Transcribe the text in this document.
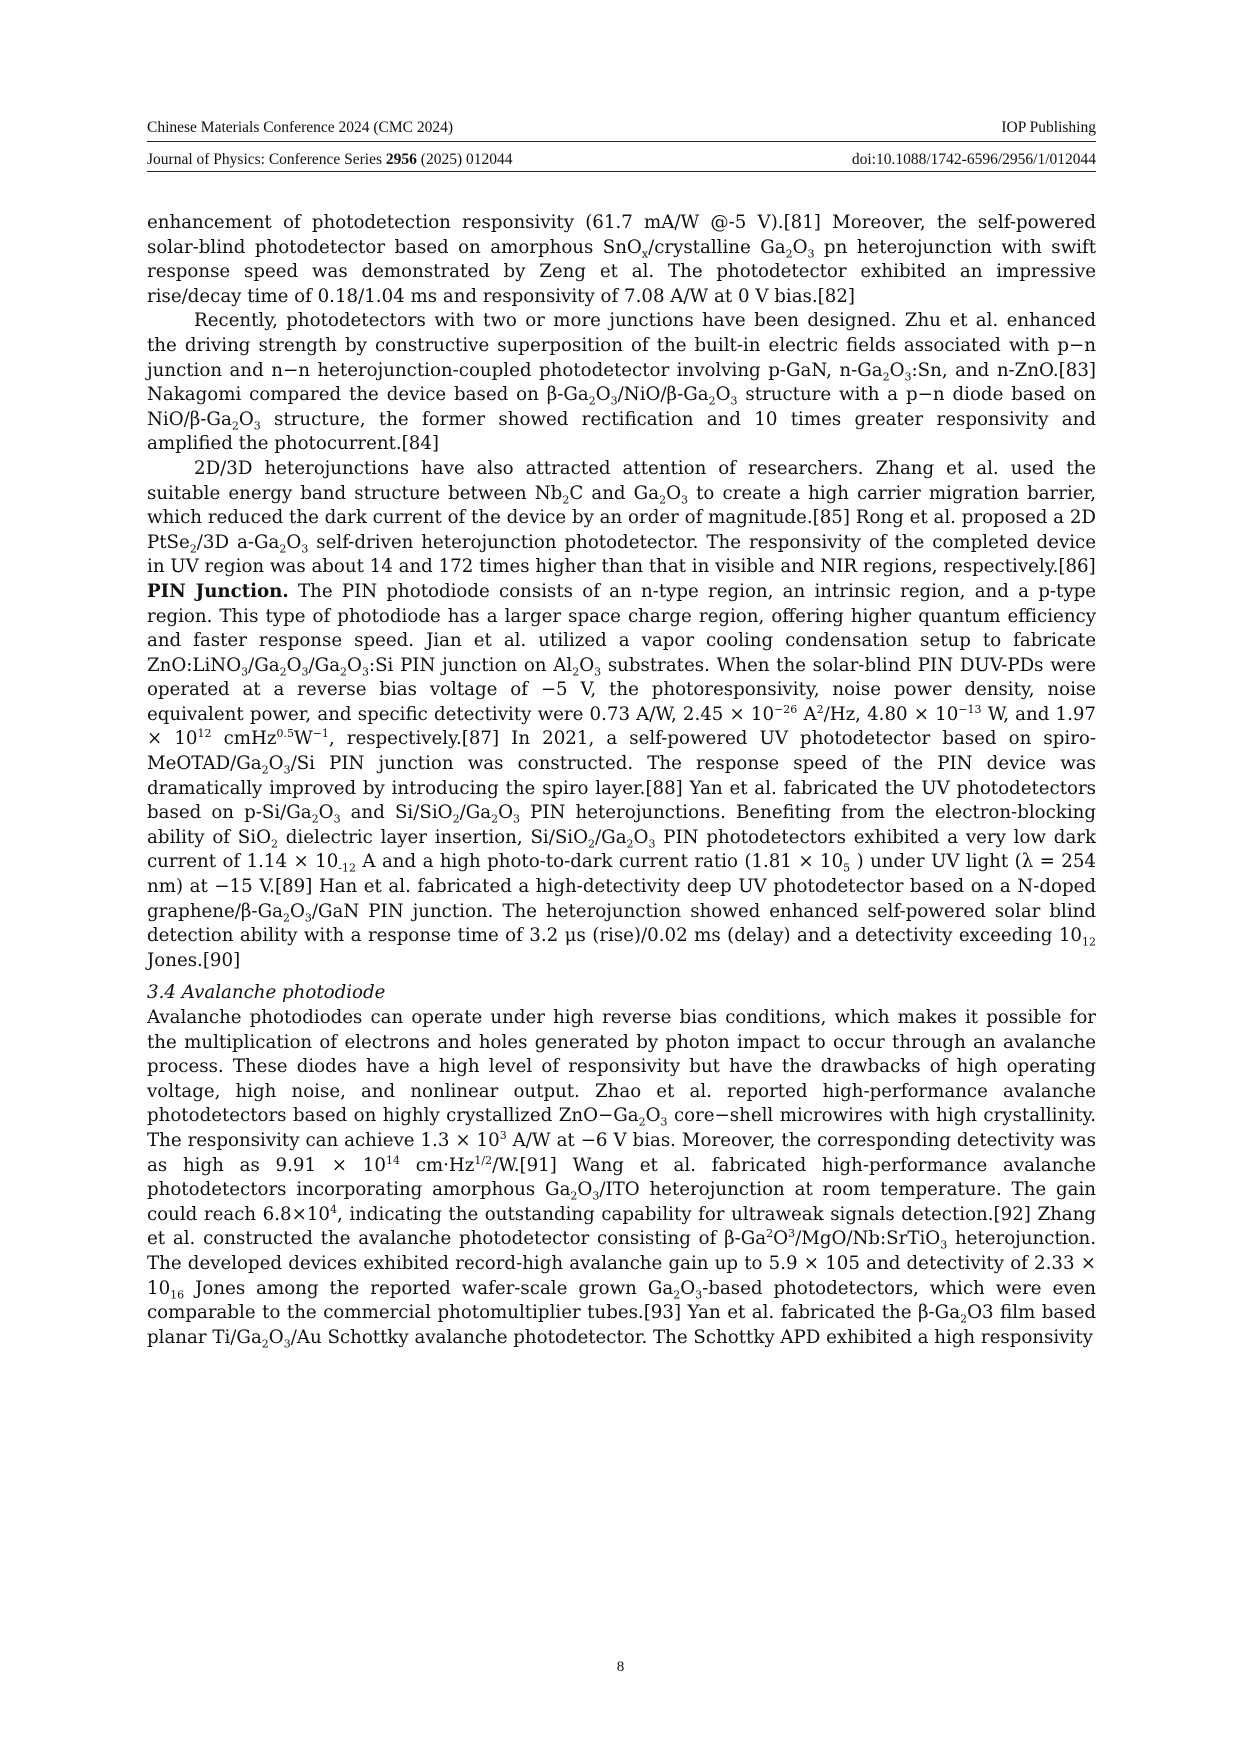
Chinese Materials Conference 2024 (CMC 2024)	IOP Publishing
Journal of Physics: Conference Series 2956 (2025) 012044	doi:10.1088/1742-6596/2956/1/012044

enhancement of photodetection responsivity (61.7 mA/W @-5 V).[81] Moreover, the self-powered solar-blind photodetector based on amorphous SnO$_x$/crystalline $Ga_2O_3$ pn heterojunction with swift response speed was demonstrated by Zeng et al. The photodetector exhibited an impressive rise/decay time of 0.18/1.04 ms and responsivity of 7.08 A/W at 0 V bias.[82]

Recently, photodetectors with two or more junctions have been designed. Zhu et al. enhanced the driving strength by constructive superposition of the built-in electric fields associated with p−n junction and n−n heterojunction-coupled photodetector involving p-GaN, $n-Ga_2O_3:Sn$, and n-ZnO.[83] Nakagomi compared the device based on $\beta-Ga_2O_3/NiO/\beta-Ga_2O_3$ structure with a p−n diode based on NiO/$\beta-Ga_2O_3$ structure, the former showed rectification and 10 times greater responsivity and amplified the photocurrent.[84]

2D/3D heterojunctions have also attracted attention of researchers. Zhang et al. used the suitable energy band structure between $Nb_2C$ and $Ga_2O_3$ to create a high carrier migration barrier, which reduced the dark current of the device by an order of magnitude.[85] Rong et al. proposed a 2D PtSe$_2$/3D $a-Ga_2O_3$ self-driven heterojunction photodetector. The responsivity of the completed device in UV region was about 14 and 172 times higher than that in visible and NIR regions, respectively.[86]

PIN Junction. The PIN photodiode consists of an n-type region, an intrinsic region, and a p-type region. This type of photodiode has a larger space charge region, offering higher quantum efficiency and faster response speed. Jian et al. utilized a vapor cooling condensation setup to fabricate $ZnO:LiNO_3/Ga_2O_3/Ga_2O_3:Si$ PIN junction on $Al_2O_3$ substrates. When the solar-blind PIN DUV-PDs were operated at a reverse bias voltage of −5 V, the photoresponsivity, noise power density, noise equivalent power, and specific detectivity were 0.73 A/W, $2.45 \times 10^{-26}$ $A^2/Hz$, $4.80 \times 10^{-13}$ W, and $1.97 \times 10^{12}$ $cmHz^{0.5}W^{-1}$, respectively.[87] In 2021, a self-powered UV photodetector based on spiro-$MeOTAD/Ga_2O_3/Si$ PIN junction was constructed. The response speed of the PIN device was dramatically improved by introducing the spiro layer.[88] Yan et al. fabricated the UV photodetectors based on $p-Si/Ga_2O_3$ and $Si/SiO_2/Ga_2O_3$ PIN heterojunctions. Benefiting from the electron-blocking ability of SiO$_2$ dielectric layer insertion, $Si/SiO_2/Ga_2O_3$ PIN photodetectors exhibited a very low dark current of $1.14 \times 10_{-12}$ A and a high photo-to-dark current ratio ($1.81 \times 10_5$ ) under UV light (λ = 254 nm) at −15 V.[89] Han et al. fabricated a high-detectivity deep UV photodetector based on a N-doped graphene/$\beta-Ga_2O_3$/GaN PIN junction. The heterojunction showed enhanced self-powered solar blind detection ability with a response time of 3.2 μs (rise)/0.02 ms (delay) and a detectivity exceeding $10_{12}$ Jones.[90]

3.4 Avalanche photodiode

Avalanche photodiodes can operate under high reverse bias conditions, which makes it possible for the multiplication of electrons and holes generated by photon impact to occur through an avalanche process. These diodes have a high level of responsivity but have the drawbacks of high operating voltage, high noise, and nonlinear output. Zhao et al. reported high-performance avalanche photodetectors based on highly crystallized $ZnO-Ga_2O_3$ core−shell microwires with high crystallinity. The responsivity can achieve $1.3 \times 10^3$ A/W at −6 V bias. Moreover, the corresponding detectivity was as high as $9.91 \times 10^{14}$ $cm\cdot Hz^{1/2}/W.[91]$ Wang et al. fabricated high-performance avalanche photodetectors incorporating amorphous $Ga_2O_3$/ITO heterojunction at room temperature. The gain could reach $6.8\times 10^4$, indicating the outstanding capability for ultraweak signals detection.[92] Zhang et al. constructed the avalanche photodetector consisting of $\beta-Ga^2O^3/MgO/Nb:SrTiO_3$ heterojunction. The developed devices exhibited record-high avalanche gain up to 5.9 × 105 and detectivity of $2.33 \times 10_{16}$ Jones among the reported wafer-scale grown $Ga_2O_3$-based photodetectors, which were even comparable to the commercial photomultiplier tubes.[93] Yan et al. fabricated the $\beta-Ga_2O3$ film based planar $Ti/Ga_2O_3/Au$ Schottky avalanche photodetector. The Schottky APD exhibited a high responsivity

8
